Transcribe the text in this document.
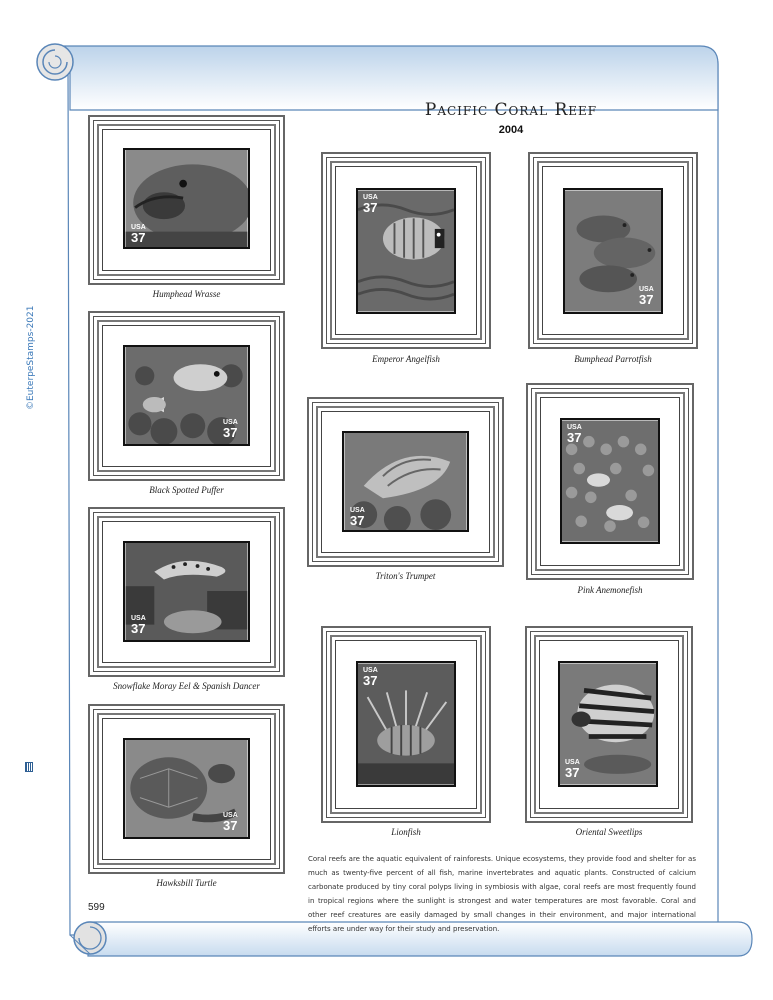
©EuterpeStamps-2021
Pacific Coral Reef
2004
USA
37
Humphead Wrasse
USA
37
Black Spotted Puffer
USA
37
Snowflake Moray Eel & Spanish Dancer
USA
37
Hawksbill Turtle
USA
37
Emperor Angelfish
USA
37
Triton's Trumpet
USA
37
Lionfish
USA
37
Bumphead Parrotfish
USA
37
Pink Anemonefish
USA
37
Oriental Sweetlips
Coral reefs are the aquatic equivalent of rainforests. Unique ecosystems, they provide food and shelter for as much as twenty-five percent of all fish, marine invertebrates and aquatic plants. Constructed of calcium carbonate produced by tiny coral polyps living in symbiosis with algae, coral reefs are most frequently found in tropical regions where the sunlight is strongest and water temperatures are most favorable. Coral and other reef creatures are easily damaged by small changes in their environment, and major international efforts are under way for their study and preservation.
599
